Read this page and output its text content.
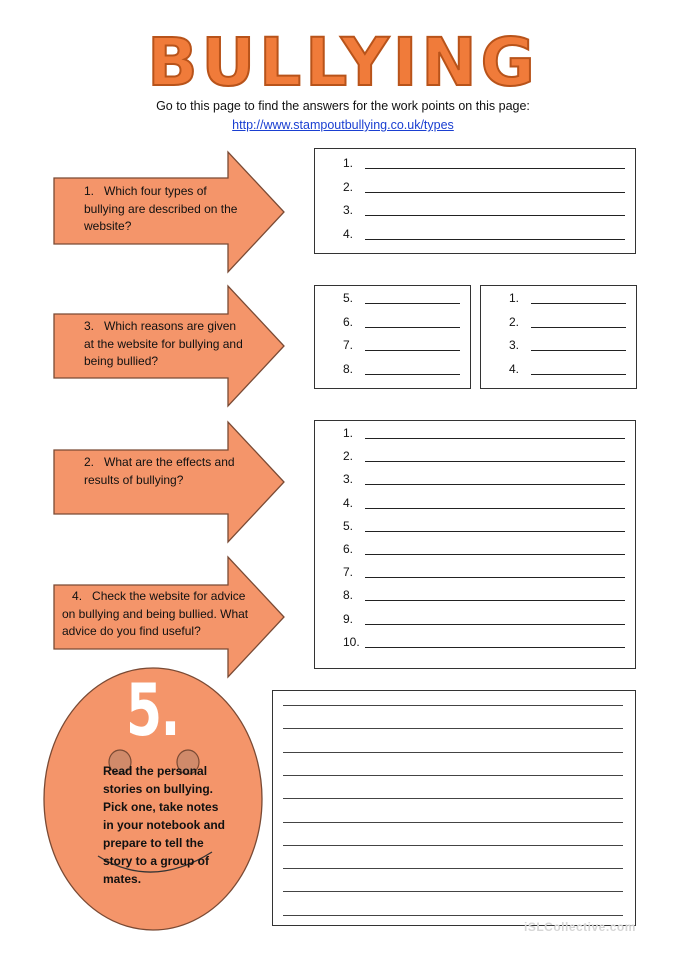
BULLYING
Go to this page to find the answers for the work points on this page:
http://www.stampoutbullying.co.uk/types
1. Which four types of bullying are described on the website?
3. Which reasons are given at the website for bullying and being bullied?
2. What are the effects and results of bullying?
4. Check the website for advice on bullying and being bullied. What advice do you find useful?
5.
Read the personal stories on bullying. Pick one, take notes in your notebook and prepare to tell the story to a group of mates.
iSLCollective.com
1.
2.
3.
4.
5.
6.
7.
8.
1.
2.
3.
4.
1.
2.
3.
4.
5.
6.
7.
8.
9.
10.
